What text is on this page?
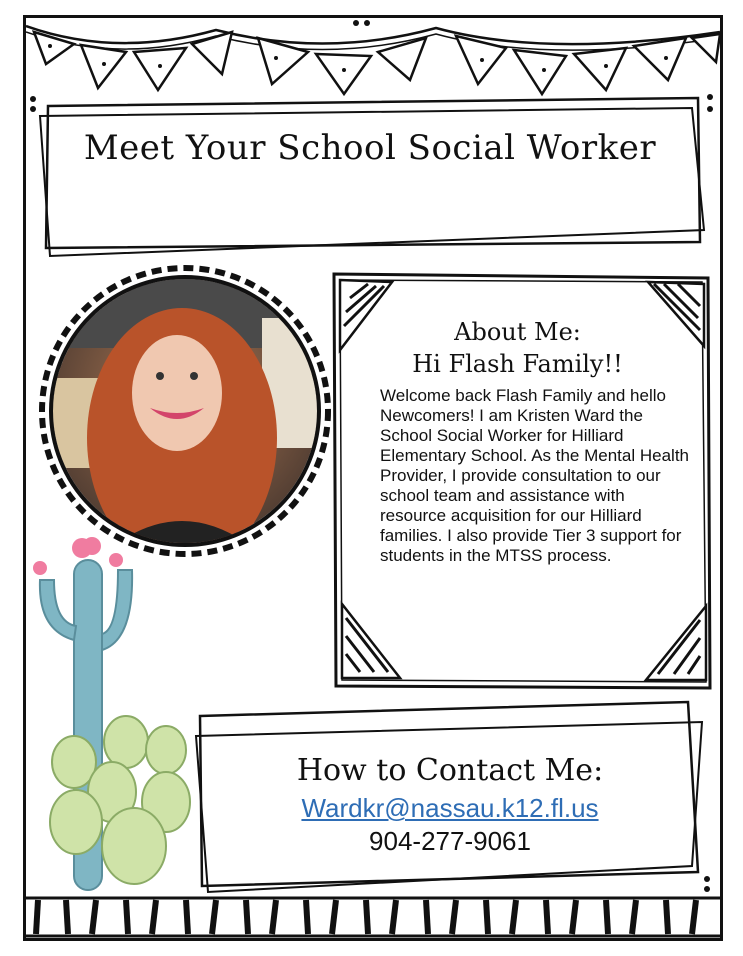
Meet Your School Social Worker
About Me:
Hi Flash Family!!
Welcome back Flash Family and hello Newcomers! I am Kristen Ward the School Social Worker for Hilliard Elementary School. As the Mental Health Provider, I provide consultation to our school team and assistance with resource acquisition for our Hilliard families. I also provide Tier 3 support for students in the MTSS process.
How to Contact Me:
Wardkr@nassau.k12.fl.us
904-277-9061
